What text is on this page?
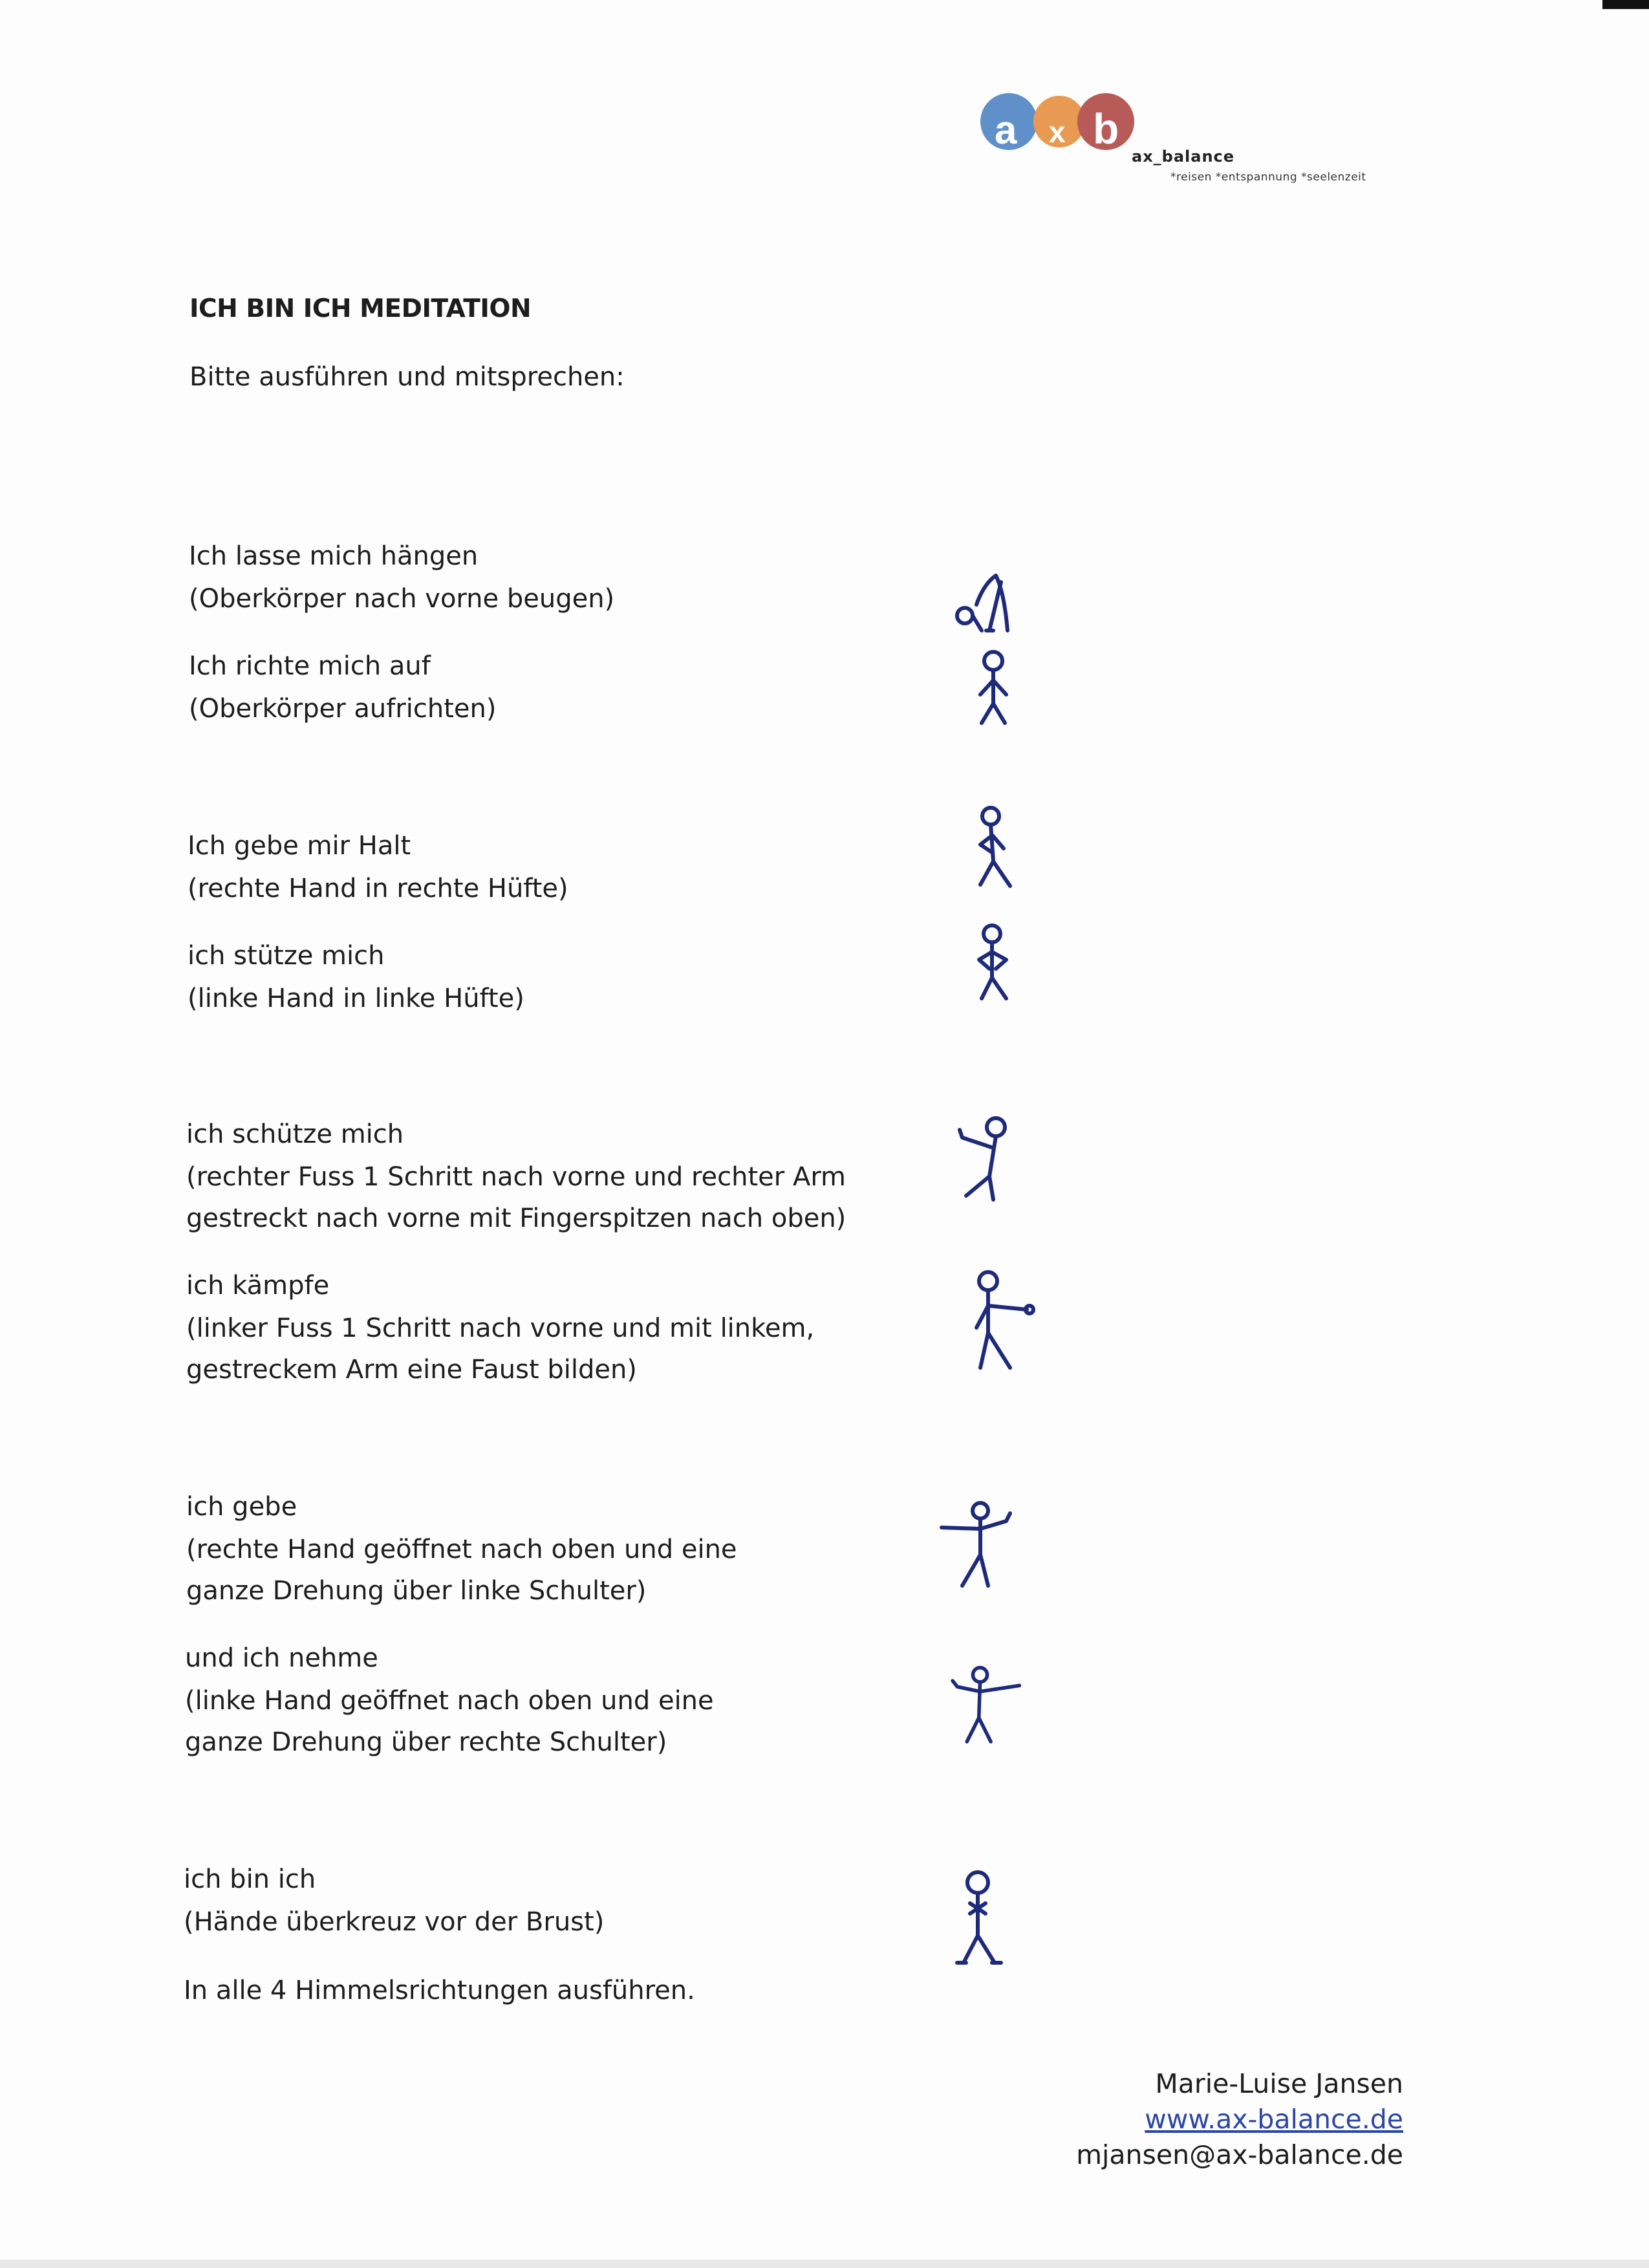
a x b
ax_balance
*reisen *entspannung *seelenzeit
ICH BIN ICH MEDITATION
Bitte ausführen und mitsprechen:
Ich lasse mich hängen
(Oberkörper nach vorne beugen)
Ich richte mich auf
(Oberkörper aufrichten)
Ich gebe mir Halt
(rechte Hand in rechte Hüfte)
ich stütze mich
(linke Hand in linke Hüfte)
ich schütze mich
(rechter Fuss 1 Schritt nach vorne und rechter Arm
gestreckt nach vorne mit Fingerspitzen nach oben)
ich kämpfe
(linker Fuss 1 Schritt nach vorne und mit linkem,
gestreckem Arm eine Faust bilden)
ich gebe
(rechte Hand geöffnet nach oben und eine
ganze Drehung über linke Schulter)
und ich nehme
(linke Hand geöffnet nach oben und eine
ganze Drehung über rechte Schulter)
ich bin ich
(Hände überkreuz vor der Brust)
In alle 4 Himmelsrichtungen ausführen.
Marie-Luise Jansen
www.ax-balance.de
mjansen@ax-balance.de
